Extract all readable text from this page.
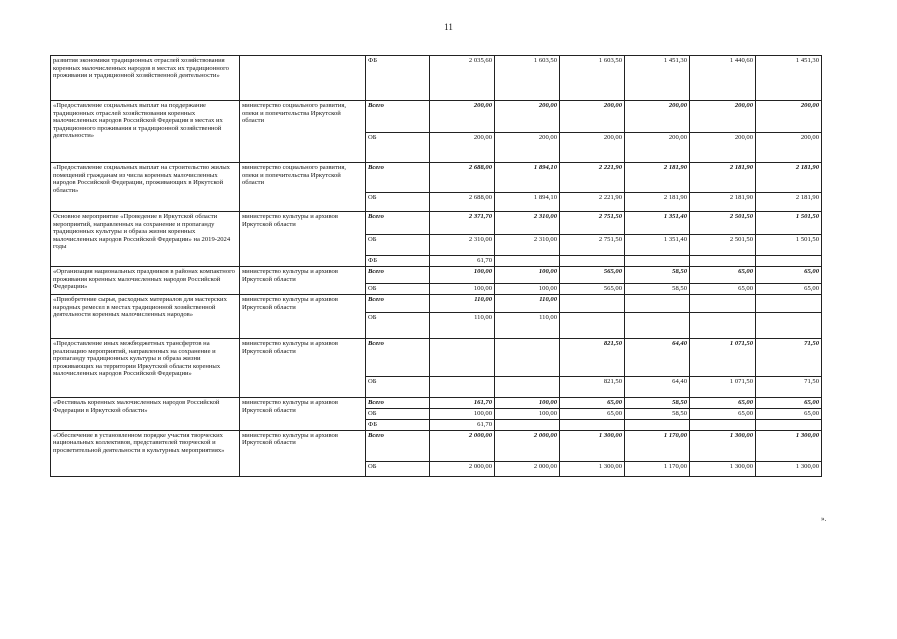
11
развития экономики традиционных отраслей хозяйствования коренных малочисленных народов в местах их традиционного проживания и традиционной хозяйственной деятельности»		ФБ	2 035,60	1 603,50	1 603,50	1 451,30	1 440,60	1 451,30
«Предоставление социальных выплат на поддержание традиционных отраслей хозяйствования коренных малочисленных народов Российской Федерации в местах их традиционного проживания и традиционной хозяйственной деятельности»	министерство социального развития, опеки и попечительства Иркутской области	Всего	200,00	200,00	200,00	200,00	200,00	200,00
		ОБ	200,00	200,00	200,00	200,00	200,00	200,00
«Предоставление социальных выплат на строительство жилых помещений гражданам из числа коренных малочисленных народов Российской Федерации, проживающих в Иркутской области»	министерство социального развития, опеки и попечительства Иркутской области	Всего	2 688,00	1 894,10	2 221,90	2 181,90	2 181,90	2 181,90
		ОБ	2 688,00	1 894,10	2 221,90	2 181,90	2 181,90	2 181,90
Основное мероприятие «Проведение в Иркутской области мероприятий, направленных на сохранение и пропаганду традиционных культуры и образа жизни коренных малочисленных народов Российской Федерации» на 2019-2024 годы	министерство культуры и архивов Иркутской области	Всего	2 371,70	2 310,00	2 751,50	1 351,40	2 501,50	1 501,50
		ОБ	2 310,00	2 310,00	2 751,50	1 351,40	2 501,50	1 501,50
		ФБ	61,70					
«Организация национальных праздников в районах компактного проживания коренных малочисленных народов Российской Федерации»	министерство культуры и архивов Иркутской области	Всего	100,00	100,00	565,00	58,50	65,00	65,00
		ОБ	100,00	100,00	565,00	58,50	65,00	65,00
«Приобретение сырья, расходных материалов для мастерских народных ремесел в местах традиционной хозяйственной деятельности коренных малочисленных народов»	министерство культуры и архивов Иркутской области	Всего	110,00	110,00				
		ОБ	110,00	110,00				
«Предоставление иных межбюджетных трансфертов на реализацию мероприятий, направленных на сохранение и пропаганду традиционных культуры и образа жизни проживающих на территории Иркутской области коренных малочисленных народов Российской Федерации»	министерство культуры и архивов Иркутской области	Всего			821,50	64,40	1 071,50	71,50
		ОБ			821,50	64,40	1 071,50	71,50
«Фестиваль коренных малочисленных народов Российской Федерации в Иркутской области»	министерство культуры и архивов Иркутской области	Всего	161,70	100,00	65,00	58,50	65,00	65,00
		ОБ	100,00	100,00	65,00	58,50	65,00	65,00
		ФБ	61,70					
«Обеспечение в установленном порядке участия творческих национальных коллективов, представителей творческой и просветительной деятельности в культурных мероприятиях»	министерство культуры и архивов Иркутской области	Всего	2 000,00	2 000,00	1 300,00	1 170,00	1 300,00	1 300,00
		ОБ	2 000,00	2 000,00	1 300,00	1 170,00	1 300,00	1 300,00
».
